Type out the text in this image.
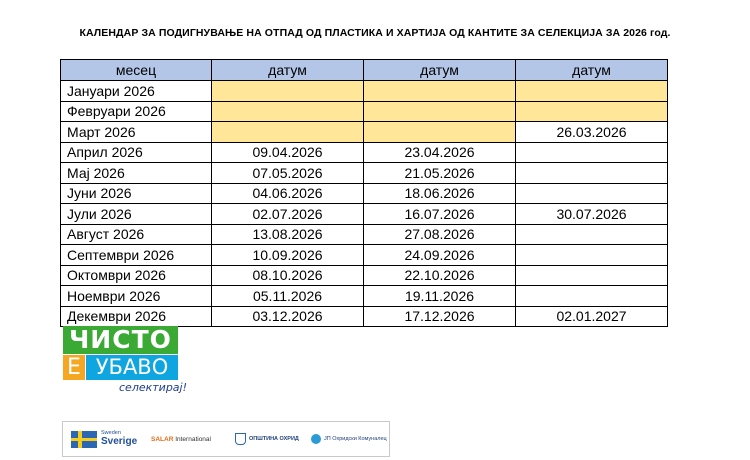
КАЛЕНДАР ЗА ПОДИГНУВАЊЕ НА ОТПАД ОД ПЛАСТИКА И ХАРТИЈА ОД КАНТИТЕ ЗА СЕЛЕКЦИЈА ЗА 2026 год.
месец	датум	датум	датум
Јануари 2026			
Февруари 2026			
Март 2026			26.03.2026
Април 2026	09.04.2026	23.04.2026	
Мај 2026	07.05.2026	21.05.2026	
Јуни 2026	04.06.2026	18.06.2026	
Јули 2026	02.07.2026	16.07.2026	30.07.2026
Август 2026	13.08.2026	27.08.2026	
Септември 2026	10.09.2026	24.09.2026	
Октомври 2026	08.10.2026	22.10.2026	
Ноември 2026	05.11.2026	19.11.2026	
Декември 2026	03.12.2026	17.12.2026	02.01.2027
ЧИСТО
Е УБАВО
селектирај!
Sweden
Sverige SALAR
International	ОПШТИНА ОХРИД	ЈП Охридски Комуналец
